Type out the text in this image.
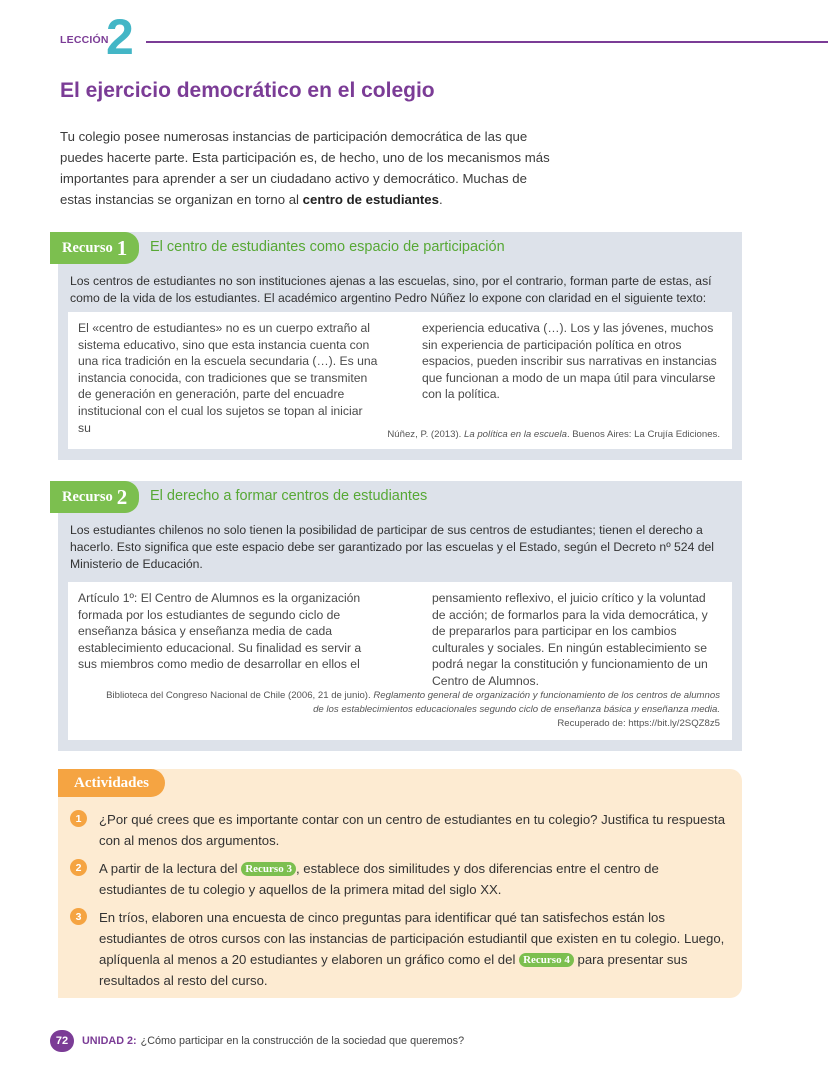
LECCIÓN
2
El ejercicio democrático en el colegio

Tu colegio posee numerosas instancias de participación democrática de las que puedes hacerte parte. Esta participación es, de hecho, uno de los mecanismos más importantes para aprender a ser un ciudadano activo y democrático. Muchas de estas instancias se organizan en torno al centro de estudiantes.

Recurso 1 El centro de estudiantes como espacio de participación

Los centros de estudiantes no son instituciones ajenas a las escuelas, sino, por el contrario, forman parte de estas, así como de la vida de los estudiantes. El académico argentino Pedro Núñez lo expone con claridad en el siguiente texto:

El «centro de estudiantes» no es un cuerpo extraño al sistema educativo, sino que esta instancia cuenta con una rica tradición en la escuela secundaria (…). Es una instancia conocida, con tradiciones que se transmiten de generación en generación, parte del encuadre institucional con el cual los sujetos se topan al iniciar su

experiencia educativa (…). Los y las jóvenes, muchos sin experiencia de participación política en otros espacios, pueden inscribir sus narrativas en instancias que funcionan a modo de un mapa útil para vincularse con la política.

Núñez, P. (2013). La política en la escuela. Buenos Aires: La Crujía Ediciones.

Recurso 2 El derecho a formar centros de estudiantes

Los estudiantes chilenos no solo tienen la posibilidad de participar de sus centros de estudiantes; tienen el derecho a hacerlo. Esto significa que este espacio debe ser garantizado por las escuelas y el Estado, según el Decreto nº 524 del Ministerio de Educación.

Artículo 1º: El Centro de Alumnos es la organización formada por los estudiantes de segundo ciclo de enseñanza básica y enseñanza media de cada establecimiento educacional. Su finalidad es servir a sus miembros como medio de desarrollar en ellos el

pensamiento reflexivo, el juicio crítico y la voluntad de acción; de formarlos para la vida democrática, y de prepararlos para participar en los cambios culturales y sociales. En ningún establecimiento se podrá negar la constitución y funcionamiento de un Centro de Alumnos.

Biblioteca del Congreso Nacional de Chile (2006, 21 de junio). Reglamento general de organización y funcionamiento de los centros de alumnos de los establecimientos educacionales segundo ciclo de enseñanza básica y enseñanza media.
Recuperado de: https://bit.ly/2SQZ8z5

Actividades
1	¿Por qué crees que es importante contar con un centro de estudiantes en tu colegio? Justifica tu respuesta con al menos dos argumentos.

2	A partir de la lectura del Recurso 3 , establece dos similitudes y dos diferencias entre el centro de estudiantes de tu colegio y aquellos de la primera mitad del siglo XX.

3	En tríos, elaboren una encuesta de cinco preguntas para identificar qué tan satisfechos están los estudiantes de otros cursos con las instancias de participación estudiantil que existen en tu colegio. Luego, aplíquenla al menos a 20 estudiantes y elaboren un gráfico como el del Recurso 4 para presentar sus resultados al resto del curso.

72	UNIDAD 2: ¿Cómo participar en la construcción de la sociedad que queremos?
